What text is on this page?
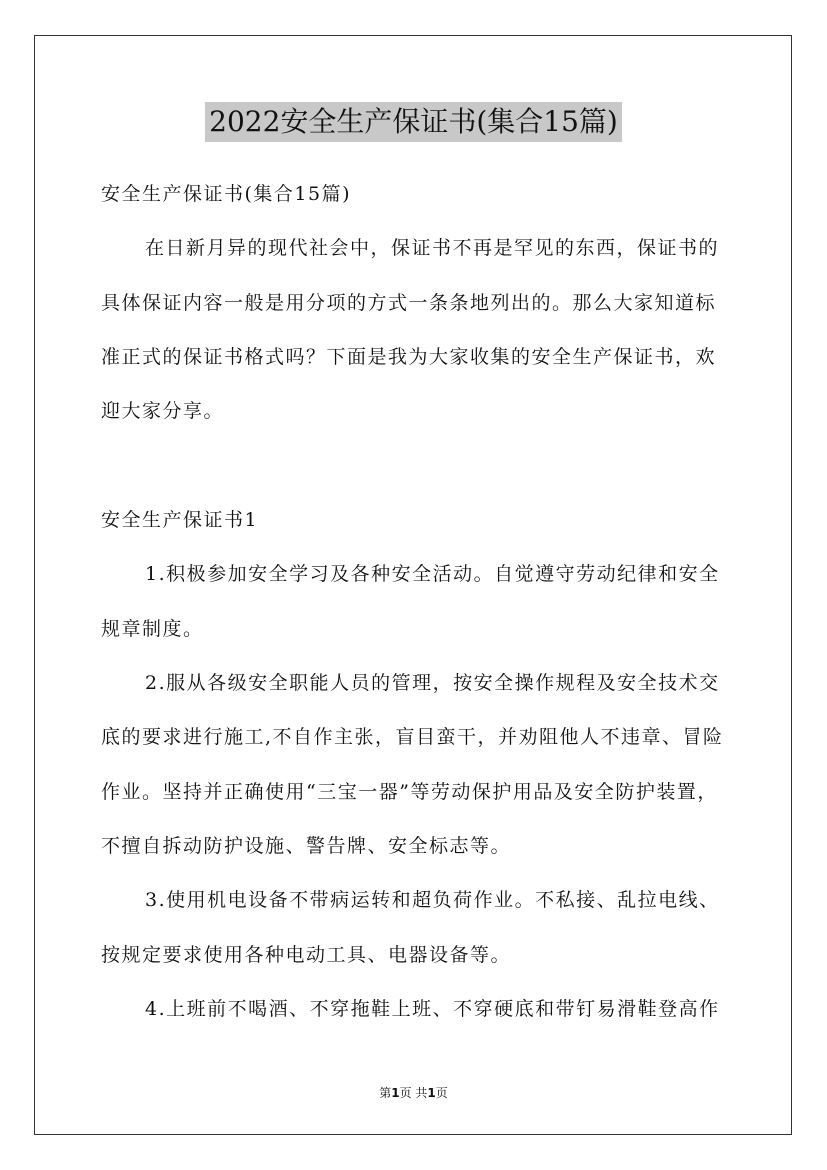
2022安全生产保证书(集合15篇)
安全生产保证书(集合15篇)
在日新月异的现代社会中，保证书不再是罕见的东西，保证书的
具体保证内容一般是用分项的方式一条条地列出的。那么大家知道标
准正式的保证书格式吗？下面是我为大家收集的安全生产保证书，欢
迎大家分享。
安全生产保证书1
1.积极参加安全学习及各种安全活动。自觉遵守劳动纪律和安全
规章制度。
2.服从各级安全职能人员的管理，按安全操作规程及安全技术交
底的要求进行施工,不自作主张，盲目蛮干，并劝阻他人不违章、冒险
作业。坚持并正确使用“三宝一器”等劳动保护用品及安全防护装置，
不擅自拆动防护设施、警告牌、安全标志等。
3.使用机电设备不带病运转和超负荷作业。不私接、乱拉电线、
按规定要求使用各种电动工具、电器设备等。
4.上班前不喝酒、不穿拖鞋上班、不穿硬底和带钉易滑鞋登高作
第1页 共1页
